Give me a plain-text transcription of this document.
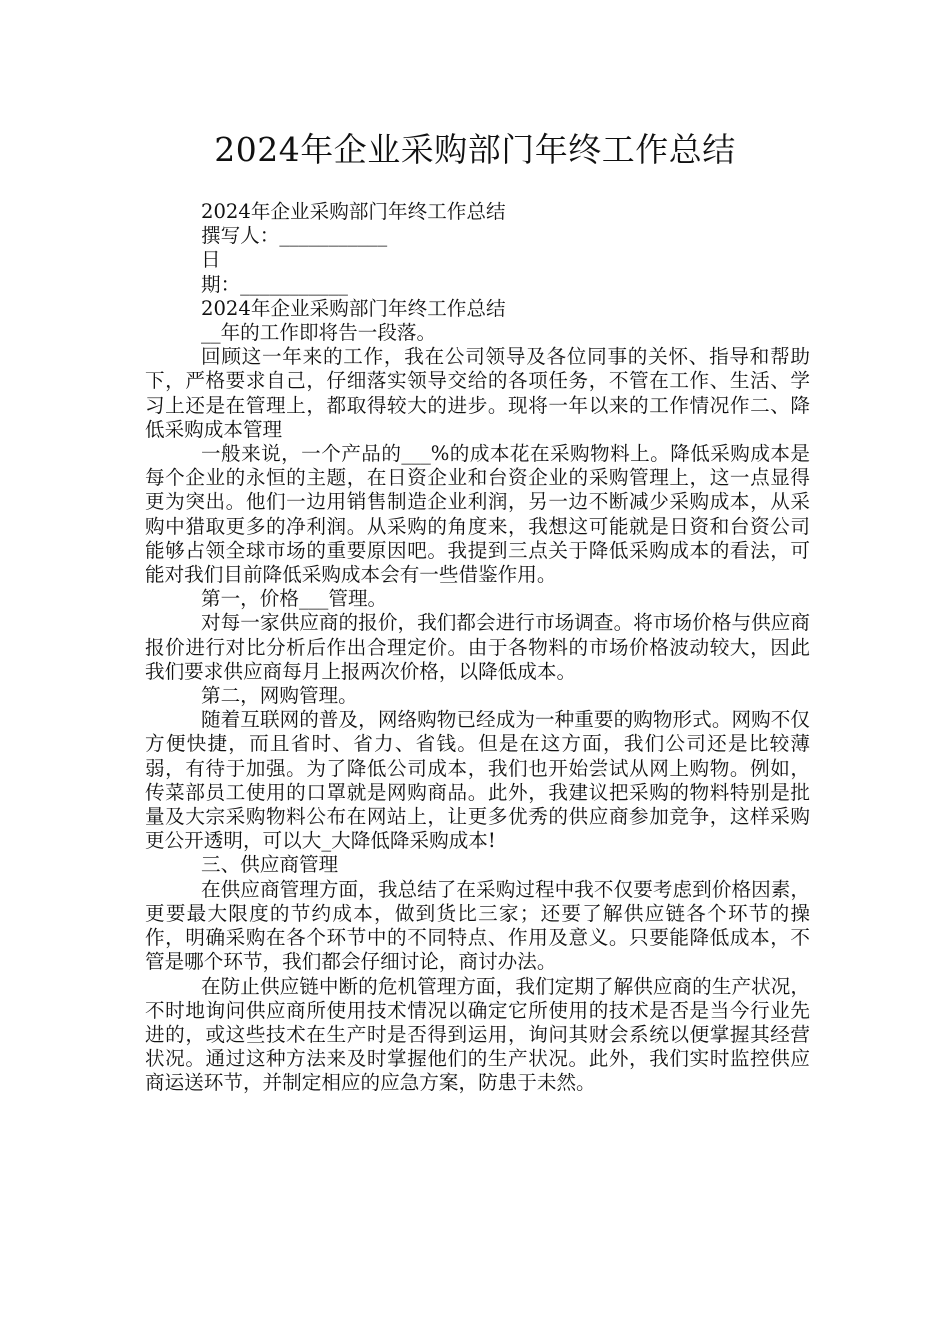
2024年企业采购部门年终工作总结

2024年企业采购部门年终工作总结

撰写人：___________

日

期：___________

2024年企业采购部门年终工作总结

__年的工作即将告一段落。

回顾这一年来的工作，我在公司领导及各位同事的关怀、指导和帮助下，严格要求自己，仔细落实领导交给的各项任务，不管在工作、生活、学习上还是在管理上，都取得较大的进步。现将一年以来的工作情况作二、降低采购成本管理

一般来说，一个产品的___%的成本花在采购物料上。降低采购成本是每个企业的永恒的主题，在日资企业和台资企业的采购管理上，这一点显得更为突出。他们一边用销售制造企业利润，另一边不断减少采购成本，从采购中猎取更多的净利润。从采购的角度来，我想这可能就是日资和台资公司能够占领全球市场的重要原因吧。我提到三点关于降低采购成本的看法，可能对我们目前降低采购成本会有一些借鉴作用。

第一，价格___管理。

对每一家供应商的报价，我们都会进行市场调查。将市场价格与供应商报价进行对比分析后作出合理定价。由于各物料的市场价格波动较大，因此我们要求供应商每月上报两次价格，以降低成本。

第二，网购管理。

随着互联网的普及，网络购物已经成为一种重要的购物形式。网购不仅方便快捷，而且省时、省力、省钱。但是在这方面，我们公司还是比较薄弱，有待于加强。为了降低公司成本，我们也开始尝试从网上购物。例如，传菜部员工使用的口罩就是网购商品。此外，我建议把采购的物料特别是批量及大宗采购物料公布在网站上，让更多优秀的供应商参加竞争，这样采购更公开透明，可以大_大降低降采购成本!

三、供应商管理

在供应商管理方面，我总结了在采购过程中我不仅要考虑到价格因素，更要最大限度的节约成本，做到货比三家；还要了解供应链各个环节的操作，明确采购在各个环节中的不同特点、作用及意义。只要能降低成本，不管是哪个环节，我们都会仔细讨论，商讨办法。

在防止供应链中断的危机管理方面，我们定期了解供应商的生产状况，不时地询问供应商所使用技术情况以确定它所使用的技术是否是当今行业先进的，或这些技术在生产时是否得到运用，询问其财会系统以便掌握其经营状况。通过这种方法来及时掌握他们的生产状况。此外，我们实时监控供应商运送环节，并制定相应的应急方案，防患于未然。
